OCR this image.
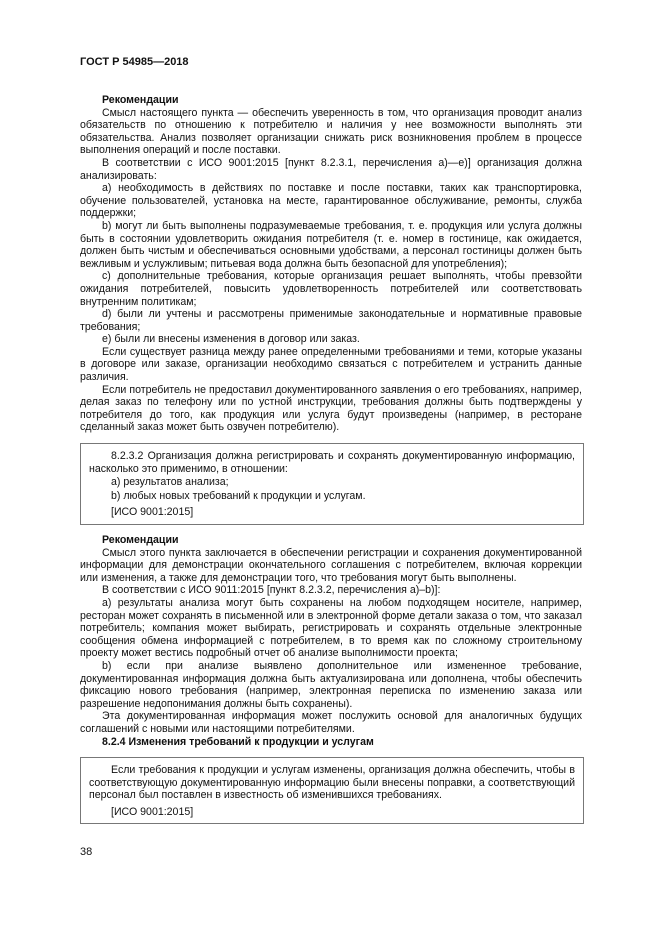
ГОСТ Р 54985—2018

Рекомендации

Смысл настоящего пункта — обеспечить уверенность в том, что организация проводит анализ обязательств по отношению к потребителю и наличия у нее возможности выполнять эти обязательства. Анализ позволяет организации снижать риск возникновения проблем в процессе выполнения операций и после поставки.

В соответствии с ИСО 9001:2015 [пункт 8.2.3.1, перечисления а)—е)] организация должна анализировать:

а) необходимость в действиях по поставке и после поставки, таких как транспортировка, обучение пользователей, установка на месте, гарантированное обслуживание, ремонты, служба поддержки;

b) могут ли быть выполнены подразумеваемые требования, т. е. продукция или услуга должны быть в состоянии удовлетворить ожидания потребителя (т. е. номер в гостинице, как ожидается, должен быть чистым и обеспечиваться основными удобствами, а персонал гостиницы должен быть вежливым и услужливым; питьевая вода должна быть безопасной для употребления);

с) дополнительные требования, которые организация решает выполнять, чтобы превзойти ожидания потребителей, повысить удовлетворенность потребителей или соответствовать внутренним политикам;

d) были ли учтены и рассмотрены применимые законодательные и нормативные правовые требования;

е) были ли внесены изменения в договор или заказ.

Если существует разница между ранее определенными требованиями и теми, которые указаны в договоре или заказе, организации необходимо связаться с потребителем и устранить данные различия.

Если потребитель не предоставил документированного заявления о его требованиях, например, делая заказ по телефону или по устной инструкции, требования должны быть подтверждены у потребителя до того, как продукция или услуга будут произведены (например, в ресторане сделанный заказ может быть озвучен потребителю).

8.2.3.2 Организация должна регистрировать и сохранять документированную информацию, насколько это применимо, в отношении:

а) результатов анализа;

b) любых новых требований к продукции и услугам.

[ИСО 9001:2015]

Рекомендации

Смысл этого пункта заключается в обеспечении регистрации и сохранения документированной информации для демонстрации окончательного соглашения с потребителем, включая коррекции или изменения, а также для демонстрации того, что требования могут быть выполнены.

В соответствии с ИСО 9011:2015 [пункт 8.2.3.2, перечисления а)–b)]:

а) результаты анализа могут быть сохранены на любом подходящем носителе, например, ресторан может сохранять в письменной или в электронной форме детали заказа о том, что заказал потребитель; компания может выбирать, регистрировать и сохранять отдельные электронные сообщения обмена информацией с потребителем, в то время как по сложному строительному проекту может вестись подробный отчет об анализе выполнимости проекта;

b) если при анализе выявлено дополнительное или измененное требование, документированная информация должна быть актуализирована или дополнена, чтобы обеспечить фиксацию нового требования (например, электронная переписка по изменению заказа или разрешение недопонимания должны быть сохранены).

Эта документированная информация может послужить основой для аналогичных будущих соглашений с новыми или настоящими потребителями.

8.2.4 Изменения требований к продукции и услугам

Если требования к продукции и услугам изменены, организация должна обеспечить, чтобы в соответствующую документированную информацию были внесены поправки, а соответствующий персонал был поставлен в известность об изменившихся требованиях.

[ИСО 9001:2015]

38
